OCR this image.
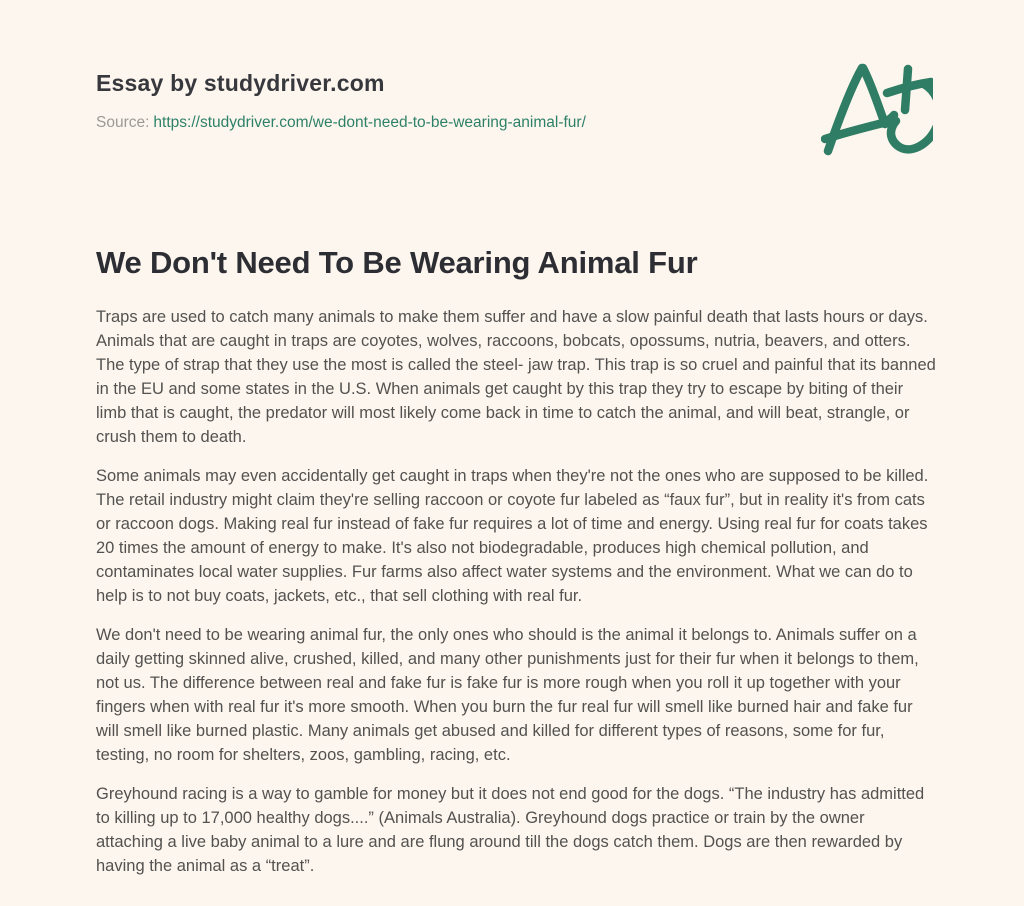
Essay by studydriver.com
Source: https://studydriver.com/we-dont-need-to-be-wearing-animal-fur/
We Don't Need To Be Wearing Animal Fur

Traps are used to catch many animals to make them suffer and have a slow painful death that lasts hours or days. Animals that are caught in traps are coyotes, wolves, raccoons, bobcats, opossums, nutria, beavers, and otters. The type of strap that they use the most is called the steel- jaw trap. This trap is so cruel and painful that its banned in the EU and some states in the U.S. When animals get caught by this trap they try to escape by biting of their limb that is caught, the predator will most likely come back in time to catch the animal, and will beat, strangle, or crush them to death.

Some animals may even accidentally get caught in traps when they're not the ones who are supposed to be killed. The retail industry might claim they're selling raccoon or coyote fur labeled as “faux fur”, but in reality it's from cats or raccoon dogs. Making real fur instead of fake fur requires a lot of time and energy. Using real fur for coats takes 20 times the amount of energy to make. It's also not biodegradable, produces high chemical pollution, and contaminates local water supplies. Fur farms also affect water systems and the environment. What we can do to help is to not buy coats, jackets, etc., that sell clothing with real fur.

We don't need to be wearing animal fur, the only ones who should is the animal it belongs to. Animals suffer on a daily getting skinned alive, crushed, killed, and many other punishments just for their fur when it belongs to them, not us. The difference between real and fake fur is fake fur is more rough when you roll it up together with your fingers when with real fur it's more smooth. When you burn the fur real fur will smell like burned hair and fake fur will smell like burned plastic. Many animals get abused and killed for different types of reasons, some for fur, testing, no room for shelters, zoos, gambling, racing, etc.

Greyhound racing is a way to gamble for money but it does not end good for the dogs. “The industry has admitted to killing up to 17,000 healthy dogs....” (Animals Australia). Greyhound dogs practice or train by the owner attaching a live baby animal to a lure and are flung around till the dogs catch them. Dogs are then rewarded by having the animal as a “treat”.
